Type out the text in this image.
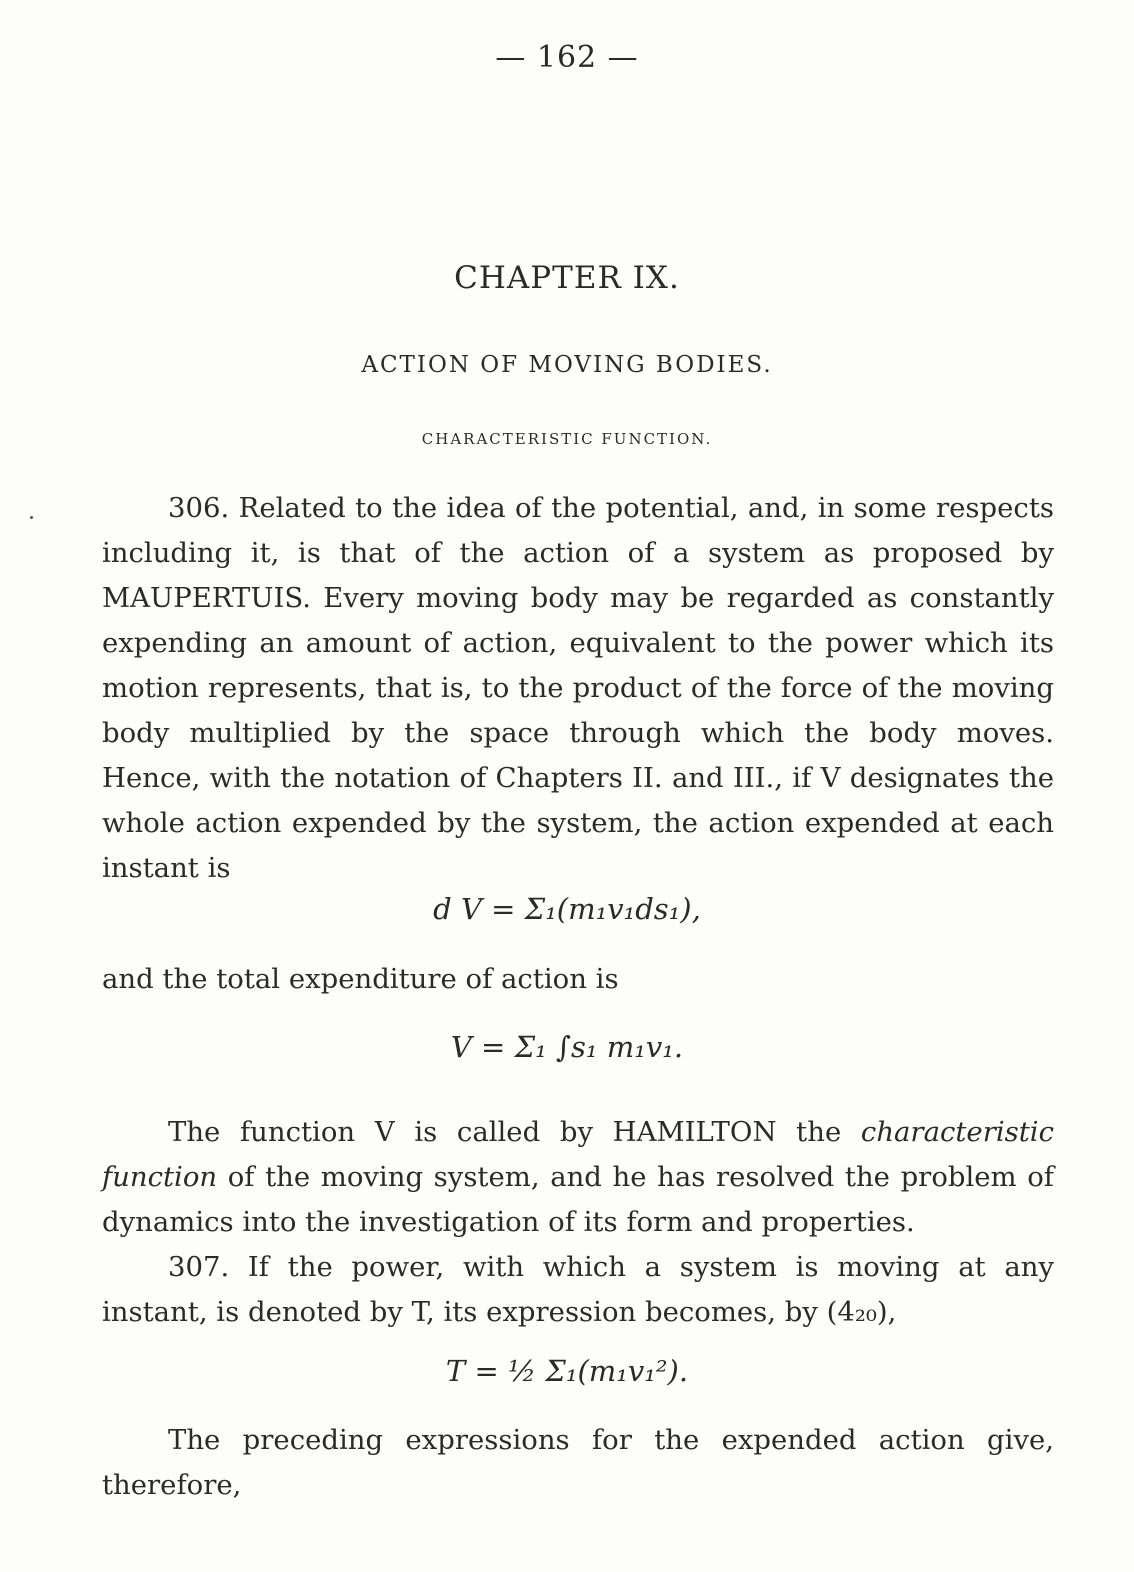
— 162 —
CHAPTER IX.
ACTION OF MOVING BODIES.
CHARACTERISTIC FUNCTION.

306. Related to the idea of the potential, and, in some respects including it, is that of the action of a system as proposed by MAUPERTUIS. Every moving body may be regarded as constantly expending an amount of action, equivalent to the power which its motion represents, that is, to the product of the force of the moving body multiplied by the space through which the body moves. Hence, with the notation of Chapters II. and III., if V designates the whole action expended by the system, the action expended at each instant is

d V = Σ₁(m₁v₁ds₁),

and the total expenditure of action is

V = Σ₁ ∫s₁ m₁v₁.

The function V is called by HAMILTON the characteristic function of the moving system, and he has resolved the problem of dynamics into the investigation of its form and properties.

307. If the power, with which a system is moving at any instant, is denoted by T, its expression becomes, by (4₂₀),

T = ½ Σ₁(m₁v₁²).

The preceding expressions for the expended action give, therefore,
